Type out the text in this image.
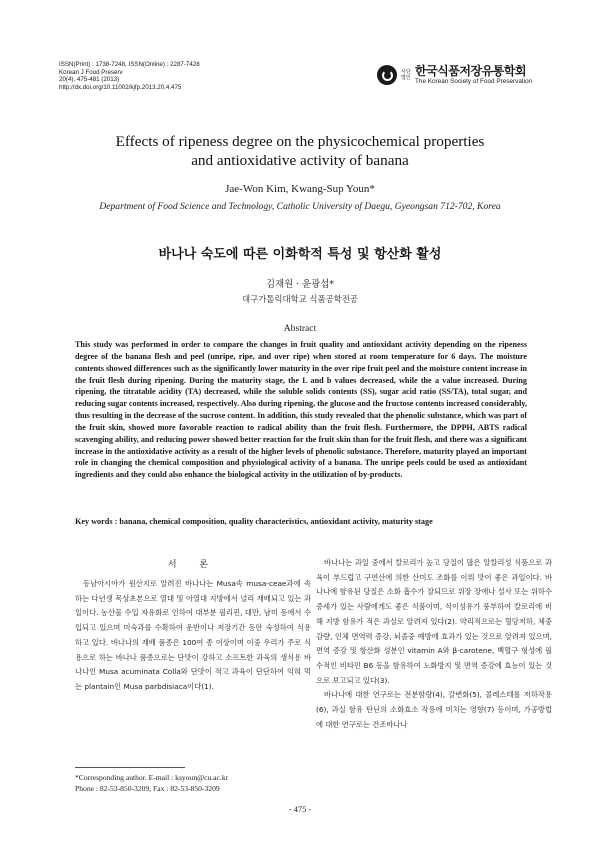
ISSN(Print) : 1738-7248, ISSN(Online) : 2287-7428
Korean J Food Preserv
20(4), 475-481 (2013)
http://dx.doi.org/10.11002/kjfp.2013.20.4.475
사단 법인 한국식품저장유통학회
The Korean Society of Food Preservation
Effects of ripeness degree on the physicochemical properties
and antioxidative activity of banana
Jae-Won Kim, Kwang-Sup Youn*
Department of Food Science and Technology, Catholic University of Daegu, Gyeongsan 712-702, Korea
바나나 숙도에 따른 이화학적 특성 및 항산화 활성
김재원 · 윤광섭*
대구가톨릭대학교 식품공학전공
Abstract
This study was performed in order to compare the changes in fruit quality and antioxidant activity depending on the ripeness degree of the banana flesh and peel (unripe, ripe, and over ripe) when stored at room temperature for 6 days. The moisture contents showed differences such as the significantly lower maturity in the over ripe fruit peel and the moisture content increase in the fruit flesh during ripening. During the maturity stage, the L and b values decreased, while the a value increased. During ripening, the titratable acidity (TA) decreased, while the soluble solids contents (SS), sugar acid ratio (SS/TA), total sugar, and reducing sugar contents increased, respectively. Also during ripening, the glucose and the fructose contents increased considerably, thus resulting in the decrease of the sucrose content. In addition, this study revealed that the phenolic substance, which was part of the fruit skin, showed more favorable reaction to radical ability than the fruit flesh. Furthermore, the DPPH, ABTS radical scavenging ability, and reducing power showed better reaction for the fruit skin than for the fruit flesh, and there was a significant increase in the antioxidative activity as a result of the higher levels of phenolic substance. Therefore, maturity played an important role in changing the chemical composition and physiological activity of a banana. The unripe peels could be used as antioxidant ingredients and they could also enhance the biological activity in the utilization of by-products.
Key words : banana, chemical composition, quality characteristics, antioxidant activity, maturity stage
서 론
동남아시아가 원산지로 알려진 바나나는 Musa속 musa-ceae과에 속하는 다년생 목상초본으로 열대 및 아열대 지방에서 널리 재배되고 있는 과일이다. 농산물 수입 자유화로 인하여 대부분 필리핀, 대만, 남미 등에서 수입되고 있으며 미숙과를 수확하여 운반이나 저장기간 동안 숙성하여 식용하고 있다. 바나나의 재배 품종은 100여 종 이상이며 이중 우리가 주로 식용으로 하는 바나나 품종으로는 단맛이 강하고 소프트한 과육의 생식용 바나나인 Musa acuminata Colla와 단맛이 적고 과육이 단단하여 익혀 먹는 plantain인 Musa parbdisiaca이다(1).
바나나는 과일 중에서 칼로리가 높고 당질이 많은 알칼리성 식품으로 과육이 부드럽고 구연산에 의한 산미도 조화를 이뤄 맛이 좋은 과일이다. 바나나에 함유된 당질은 소화 흡수가 잘되므로 위장 장애나 설사 또는 위하수 증세가 있는 사람에게도 좋은 식품이며, 식이섬유가 풍부하여 칼로리에 비해 지방 함유가 적은 과실로 알려져 있다(2). 약리적으로는 혈당저하, 체중감량, 인체 면역력 증강, 뇌졸중 예방에 효과가 있는 것으로 알려져 있으며, 면역 증강 및 항산화 성분인 vitamin A와 β-carotene, 백혈구 형성에 필수적인 비타민 B6 등을 함유하여 노화방지 및 면역 증강에 효능이 있는 것으로 보고되고 있다(3).
바나나에 대한 연구로는 전분함량(4), 갈변화(5), 콜레스테롤 저하작용(6), 과실 함유 탄닌의 소화효소 작용에 미치는 영향(7) 등이며, 가공방법에 대한 연구로는 건조바나나
*Corresponding author. E-mail : ksyoun@cu.ac.kr
Phone : 82-53-850-3209, Fax : 82-53-850-3209
- 475 -
